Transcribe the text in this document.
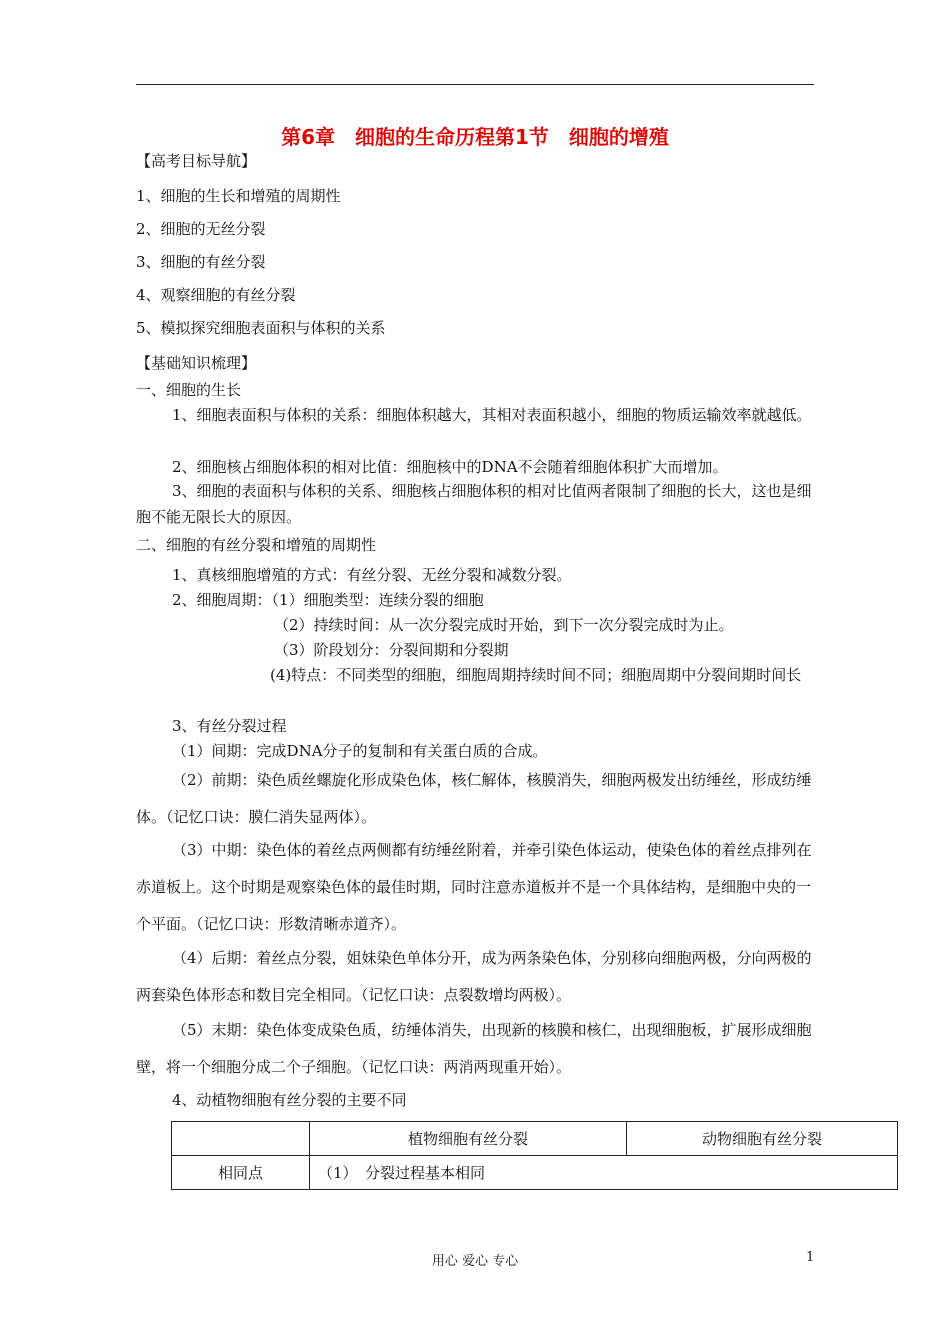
第6章　细胞的生命历程第1节　细胞的增殖
【高考目标导航】
1、细胞的生长和增殖的周期性
2、细胞的无丝分裂
3、细胞的有丝分裂
4、观察细胞的有丝分裂
5、模拟探究细胞表面积与体积的关系
【基础知识梳理】
一、细胞的生长
1、细胞表面积与体积的关系：细胞体积越大，其相对表面积越小，细胞的物质运输效率就越低。
2、细胞核占细胞体积的相对比值：细胞核中的DNA不会随着细胞体积扩大而增加。
3、细胞的表面积与体积的关系、细胞核占细胞体积的相对比值两者限制了细胞的长大，这也是细胞不能无限长大的原因。
二、细胞的有丝分裂和增殖的周期性
1、真核细胞增殖的方式：有丝分裂、无丝分裂和减数分裂。
2、细胞周期：（1）细胞类型：连续分裂的细胞
（2）持续时间：从一次分裂完成时开始，到下一次分裂完成时为止。
（3）阶段划分：分裂间期和分裂期
(4)特点：不同类型的细胞，细胞周期持续时间不同；细胞周期中分裂间期时间长
3、有丝分裂过程
（1）间期：完成DNA分子的复制和有关蛋白质的合成。
（2）前期：染色质丝螺旋化形成染色体，核仁解体，核膜消失，细胞两极发出纺缍丝，形成纺缍体。（记忆口诀：膜仁消失显两体）。
（3）中期：染色体的着丝点两侧都有纺缍丝附着，并牵引染色体运动，使染色体的着丝点排列在赤道板上。这个时期是观察染色体的最佳时期，同时注意赤道板并不是一个具体结构，是细胞中央的一个平面。（记忆口诀：形数清晰赤道齐）。
（4）后期：着丝点分裂，姐妹染色单体分开，成为两条染色体，分别移向细胞两极，分向两极的两套染色体形态和数目完全相同。（记忆口诀：点裂数增均两极）。
（5）末期：染色体变成染色质，纺缍体消失，出现新的核膜和核仁，出现细胞板，扩展形成细胞壁，将一个细胞分成二个子细胞。（记忆口诀：两消两现重开始）。
4、动植物细胞有丝分裂的主要不同
	植物细胞有丝分裂	动物细胞有丝分裂
相同点	（1）　分裂过程基本相同	
用心 爱心 专心	1
